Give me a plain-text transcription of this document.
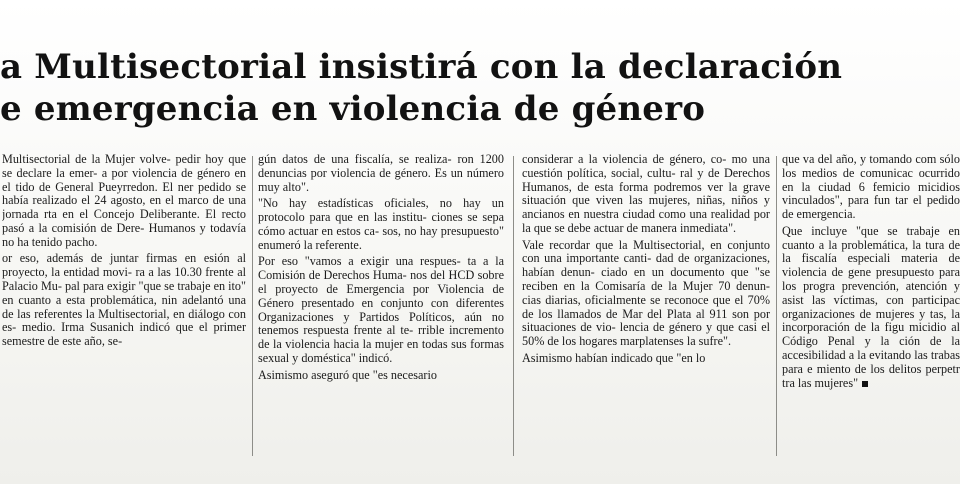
a Multisectorial insistirá con la declaración
e emergencia en violencia de género

Multisectorial de la Mujer volve- pedir hoy que se declare la emer- a por violencia de género en el tido de General Pueyrredon. El ner pedido se había realizado el 24 agosto, en el marco de una jornada rta en el Concejo Deliberante. El recto pasó a la comisión de Dere- Humanos y todavía no ha tenido pacho.

or eso, además de juntar firmas en esión al proyecto, la entidad movi- ra a las 10.30 frente al Palacio Mu- pal para exigir "que se trabaje en ito" en cuanto a esta problemática, nin adelantó una de las referentes la Multisectorial, en diálogo con es- medio. Irma Susanich indicó que el primer semestre de este año, se-

gún datos de una fiscalía, se realiza- ron 1200 denuncias por violencia de género. Es un número muy alto".

"No hay estadísticas oficiales, no hay un protocolo para que en las institu- ciones se sepa cómo actuar en estos ca- sos, no hay presupuesto" enumeró la referente.

Por eso "vamos a exigir una respues- ta a la Comisión de Derechos Huma- nos del HCD sobre el proyecto de Emergencia por Violencia de Género presentado en conjunto con diferentes Organizaciones y Partidos Políticos, aún no tenemos respuesta frente al te- rrible incremento de la violencia hacia la mujer en todas sus formas sexual y doméstica" indicó.

Asimismo aseguró que "es necesario

considerar a la violencia de género, co- mo una cuestión política, social, cultu- ral y de Derechos Humanos, de esta forma podremos ver la grave situación que viven las mujeres, niñas, niños y ancianos en nuestra ciudad como una realidad por la que se debe actuar de manera inmediata".

Vale recordar que la Multisectorial, en conjunto con una importante canti- dad de organizaciones, habían denun- ciado en un documento que "se reciben en la Comisaría de la Mujer 70 denun- cias diarias, oficialmente se reconoce que el 70% de los llamados de Mar del Plata al 911 son por situaciones de vio- lencia de género y que casi el 50% de los hogares marplatenses la sufre".

Asimismo habían indicado que "en lo

que va del año, y tomando com sólo los medios de comunicac ocurrido en la ciudad 6 femicio micidios vinculados", para fun tar el pedido de emergencia.

Que incluye "que se trabaje en cuanto a la problemática, la tura de la fiscalía especiali materia de violencia de gene presupuesto para los progra prevención, atención y asist las víctimas, con participac organizaciones de mujeres y tas, la incorporación de la figu micidio al Código Penal y la ción de la accesibilidad a la evitando las trabas para e miento de los delitos perpetr tra las mujeres"
